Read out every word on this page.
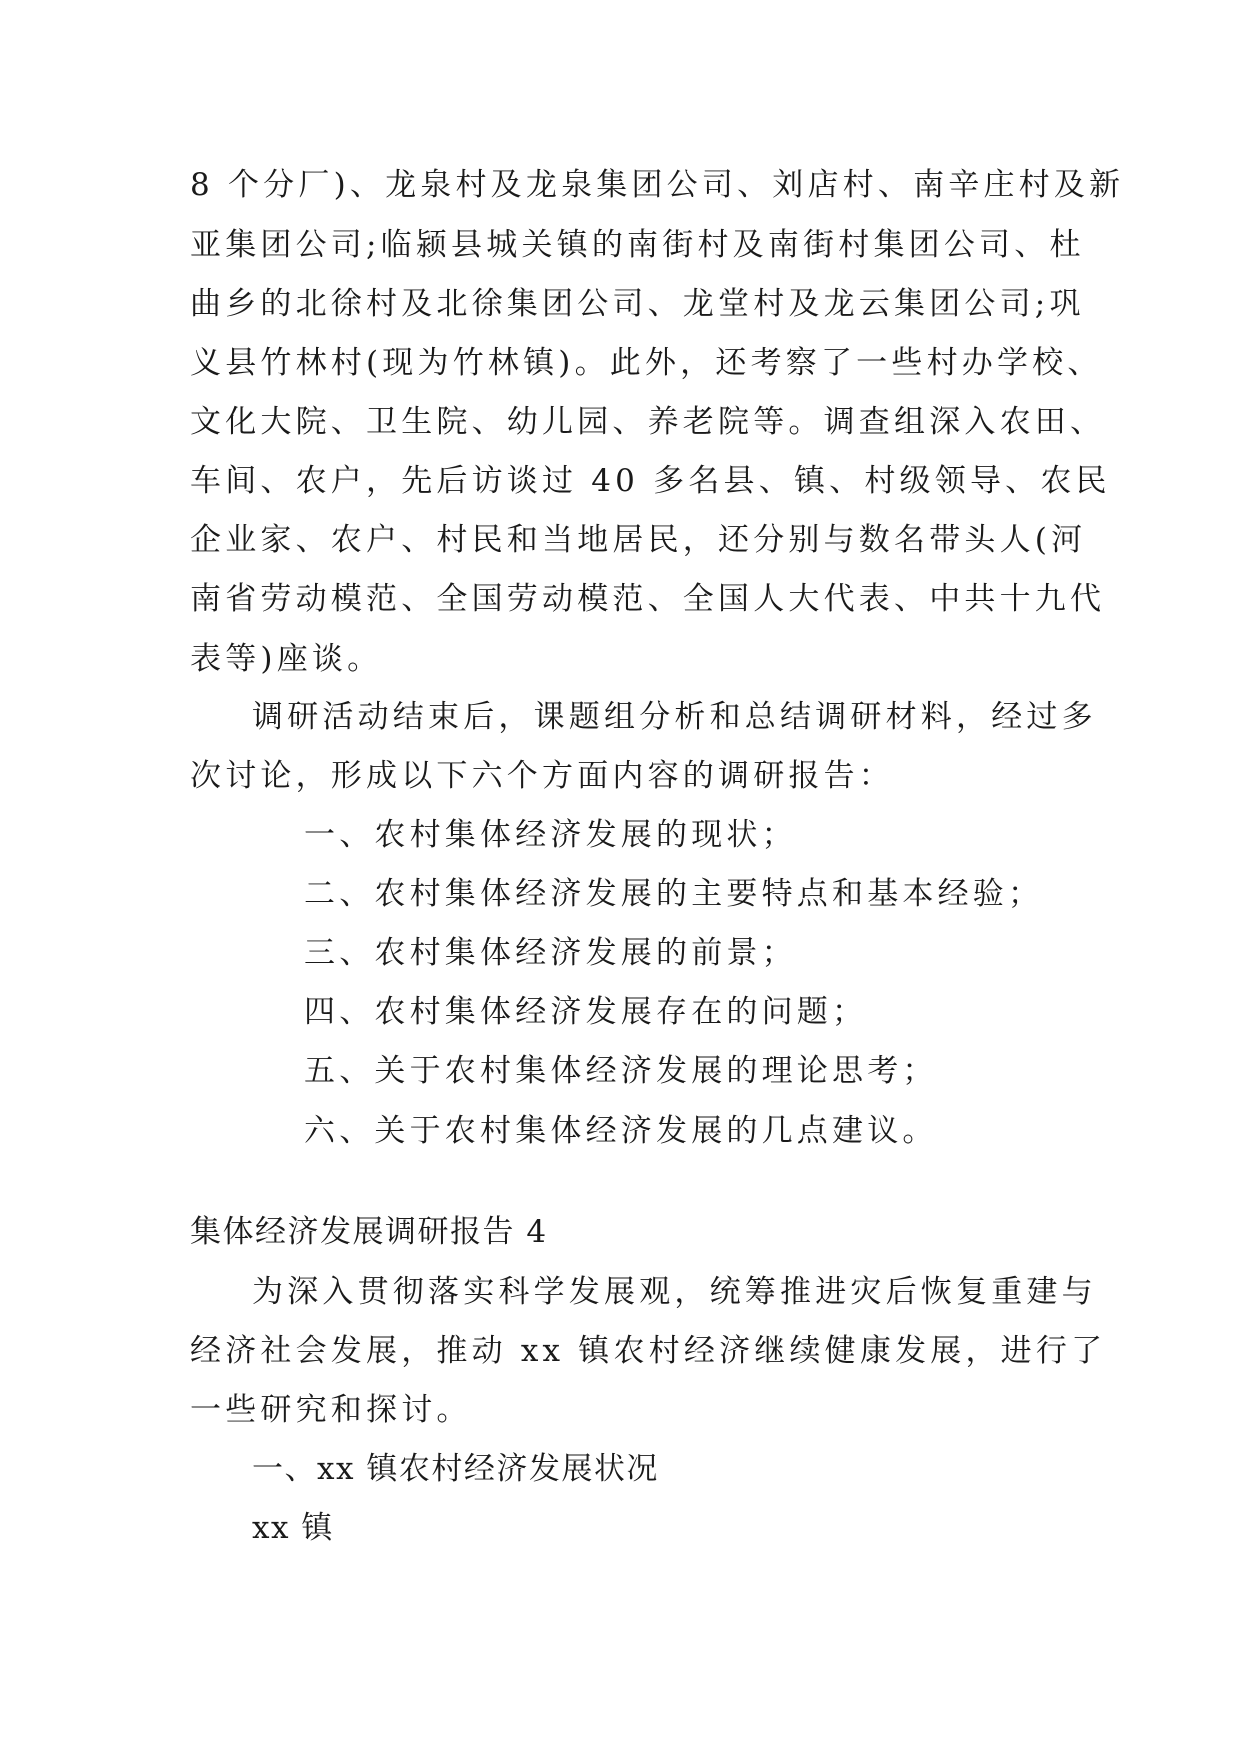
8 个分厂)、龙泉村及龙泉集团公司、刘店村、南辛庄村及新
亚集团公司;临颍县城关镇的南街村及南街村集团公司、杜
曲乡的北徐村及北徐集团公司、龙堂村及龙云集团公司;巩
义县竹林村(现为竹林镇)。此外，还考察了一些村办学校、
文化大院、卫生院、幼儿园、养老院等。调查组深入农田、
车间、农户，先后访谈过 40 多名县、镇、村级领导、农民
企业家、农户、村民和当地居民，还分别与数名带头人(河
南省劳动模范、全国劳动模范、全国人大代表、中共十九代
表等)座谈。
调研活动结束后，课题组分析和总结调研材料，经过多
次讨论，形成以下六个方面内容的调研报告：
一、农村集体经济发展的现状；
二、农村集体经济发展的主要特点和基本经验；
三、农村集体经济发展的前景；
四、农村集体经济发展存在的问题；
五、关于农村集体经济发展的理论思考；
六、关于农村集体经济发展的几点建议。
集体经济发展调研报告 4
为深入贯彻落实科学发展观，统筹推进灾后恢复重建与
经济社会发展，推动 xx 镇农村经济继续健康发展，进行了
一些研究和探讨。
一、xx 镇农村经济发展状况
xx 镇
